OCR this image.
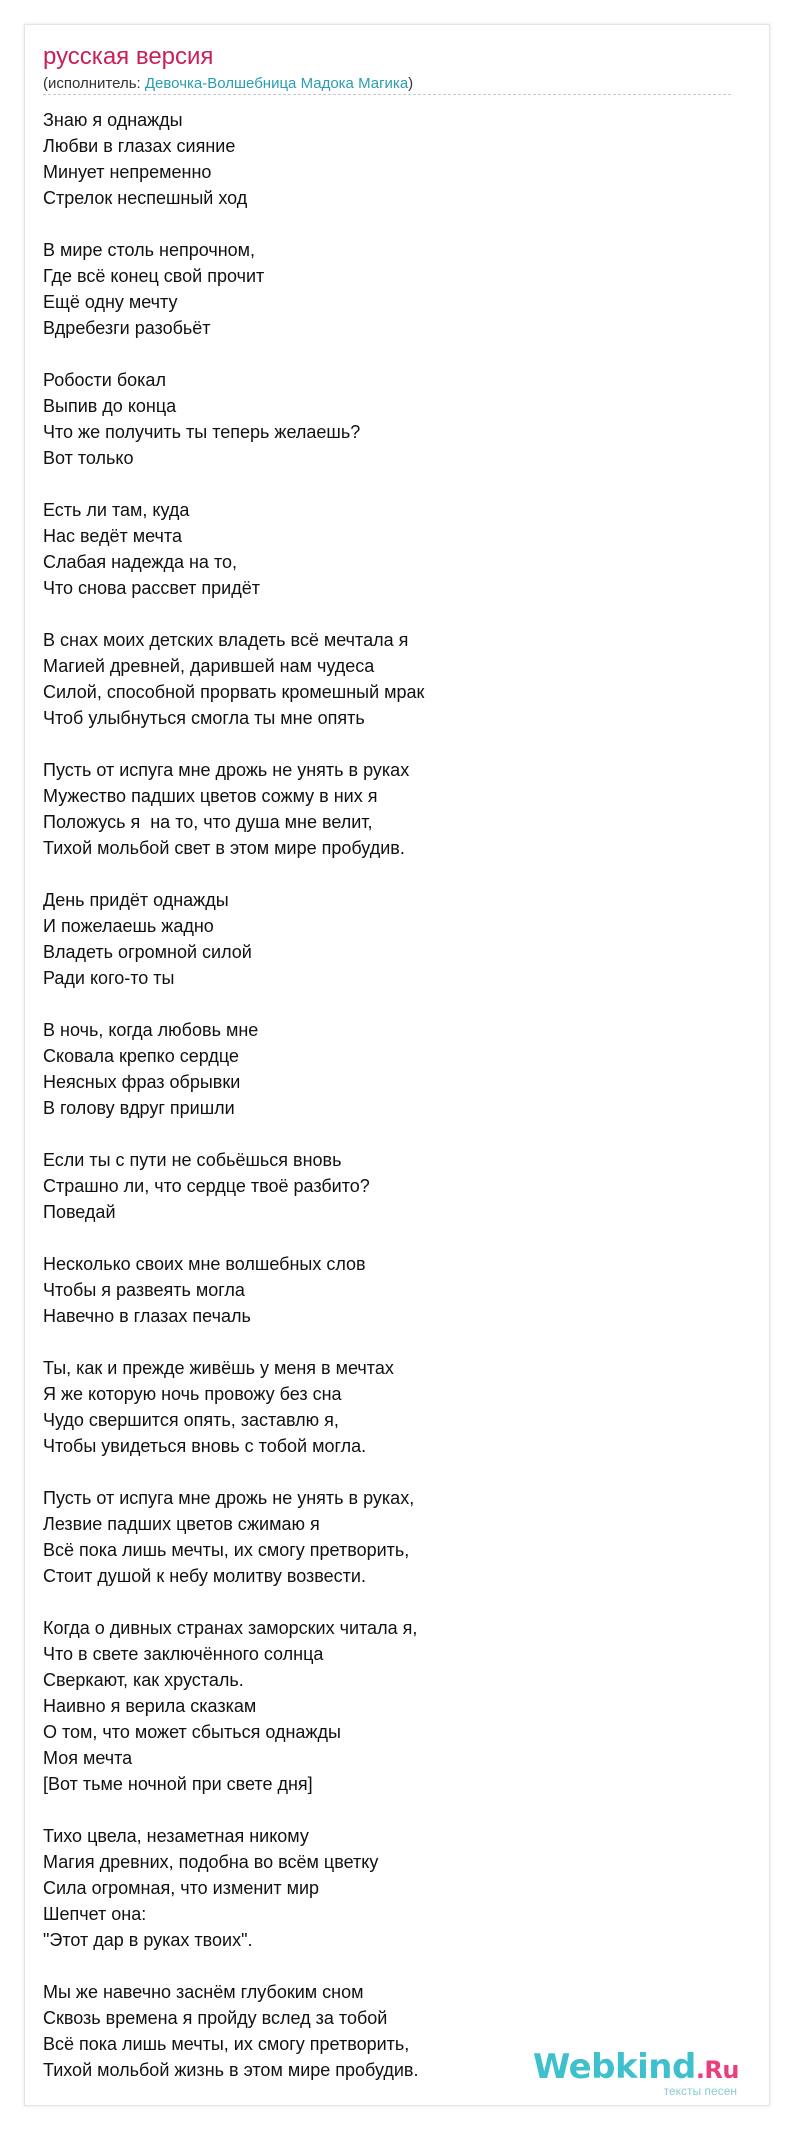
русская версия
(исполнитель: Девочка-Волшебница Мадока Магика)
Знаю я однажды
Любви в глазах сияние
Минует непременно
Стрелок неспешный ход
В мире столь непрочном,
Где всё конец свой прочит
Ещё одну мечту
Вдребезги разобьёт
Робости бокал
Выпив до конца
Что же получить ты теперь желаешь?
Вот только
Есть ли там, куда
Нас ведёт мечта
Слабая надежда на то,
Что снова рассвет придёт
В снах моих детских владеть всё мечтала я
Магией древней, дарившей нам чудеса
Силой, способной прорвать кромешный мрак
Чтоб улыбнуться смогла ты мне опять
Пусть от испуга мне дрожь не унять в руках
Мужество падших цветов сожму в них я
Положусь я  на то, что душа мне велит,
Тихой мольбой свет в этом мире пробудив.
День придёт однажды
И пожелаешь жадно
Владеть огромной силой
Ради кого-то ты
В ночь, когда любовь мне
Сковала крепко сердце
Неясных фраз обрывки
В голову вдруг пришли
Если ты с пути не собьёшься вновь
Страшно ли, что сердце твоё разбито?
Поведай
Несколько своих мне волшебных слов
Чтобы я развеять могла
Навечно в глазах печаль
Ты, как и прежде живёшь у меня в мечтах
Я же которую ночь провожу без сна
Чудо свершится опять, заставлю я,
Чтобы увидеться вновь с тобой могла.
Пусть от испуга мне дрожь не унять в руках,
Лезвие падших цветов сжимаю я
Всё пока лишь мечты, их смогу претворить,
Стоит душой к небу молитву возвести.
Когда о дивных странах заморских читала я,
Что в свете заключённого солнца
Сверкают, как хрусталь.
Наивно я верила сказкам
О том, что может сбыться однажды
Моя мечта
[Вот тьме ночной при свете дня]
Тихо цвела, незаметная никому
Магия древних, подобна во всём цветку
Сила огромная, что изменит мир
Шепчет она:
"Этот дар в руках твоих".
Мы же навечно заснём глубоким сном
Сквозь времена я пройду вслед за тобой
Всё пока лишь мечты, их смогу претворить,
Тихой мольбой жизнь в этом мире пробудив.	Webkind.Ru
тексты песен
